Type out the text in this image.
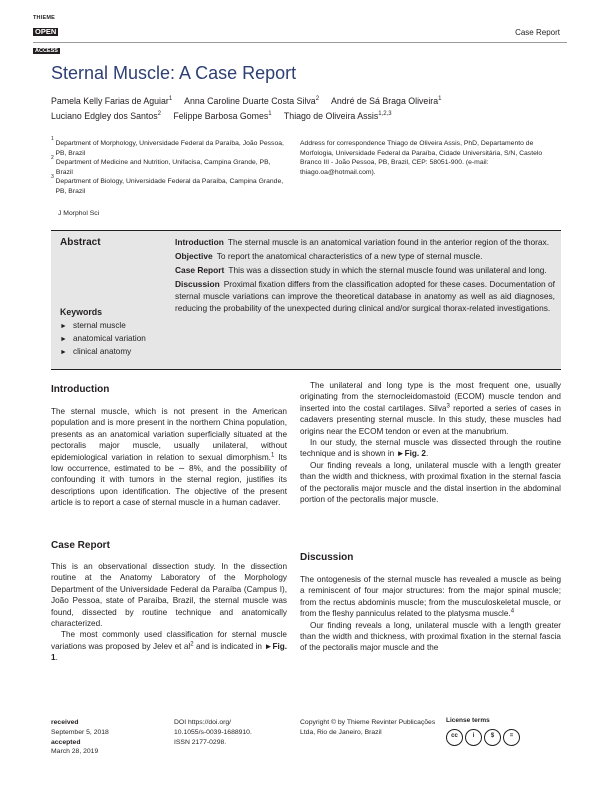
THIEME
OPEN
ACCESS
Case Report
Sternal Muscle: A Case Report
Pamela Kelly Farias de Aguiar$^1$ Anna Caroline Duarte Costa Silva$^2$ André de Sá Braga Oliveira$^1$
Luciano Edgley dos Santos$^2$ Felippe Barbosa Gomes$^1$ Thiago de Oliveira Assis$^{1,2,3}$
1
Department of Morphology, Universidade Federal da Paraíba, João Pessoa, PB, Brazil
2
Department of Medicine and Nutrition, Unifacisa, Campina Grande, PB, Brazil
3
Department of Biology, Universidade Federal da Paraíba, Campina Grande, PB, Brazil
Address for correspondence Thiago de Oliveira Assis, PhD, Departamento de Morfologia, Universidade Federal da Paraíba, Cidade Universitária, S/N, Castelo Branco III - João Pessoa, PB, Brazil, CEP: 58051-900. (e-mail: thiago.oa@hotmail.com).
J Morphol Sci
Abstract
Keywords
► sternal muscle
► anatomical variation
► clinical anatomy

Introduction The sternal muscle is an anatomical variation found in the anterior region of the thorax.

Objective To report the anatomical characteristics of a new type of sternal muscle.

Case Report This was a dissection study in which the sternal muscle found was unilateral and long.

Discussion Proximal fixation differs from the classification adopted for these cases. Documentation of sternal muscle variations can improve the theoretical database in anatomy as well as aid diagnoses, reducing the probability of the unexpected during clinical and/or surgical thorax-related investigations.

Introduction

The sternal muscle, which is not present in the American population and is more present in the northern China population, presents as an anatomical variation superficially situated at the pectoralis major muscle, usually unilateral, without epidemiological variation in relation to sexual dimorphism.$^1$ Its low occurrence, estimated to be ∼ 8%, and the possibility of confounding it with tumors in the sternal region, justifies its descriptions upon identification. The objective of the present article is to report a case of sternal muscle in a human cadaver.

Case Report

This is an observational dissection study. In the dissection routine at the Anatomy Laboratory of the Morphology Department of the Universidade Federal da Paraíba (Campus I), João Pessoa, state of Paraíba, Brazil, the sternal muscle was found, dissected by routine technique and anatomically characterized.

The most commonly used classification for sternal muscle variations was proposed by Jelev et $al^2$ and is indicated in ►Fig. 1.

The unilateral and long type is the most frequent one, usually originating from the sternocleidomastoid (ECOM) muscle tendon and inserted into the costal cartilages. Silva$^3$ reported a series of cases in cadavers presenting sternal muscle. In this study, these muscles had origins near the ECOM tendon or even at the manubrium.

In our study, the sternal muscle was dissected through the routine technique and is shown in ►Fig. 2.

Our finding reveals a long, unilateral muscle with a length greater than the width and thickness, with proximal fixation in the sternal fascia of the pectoralis major muscle and the distal insertion in the abdominal portion of the pectoralis major muscle.

Discussion

The ontogenesis of the sternal muscle has revealed a muscle as being a reminiscent of four major structures: from the major spinal muscle; from the rectus abdominis muscle; from the musculoskeletal muscle, or from the fleshy panniculus related to the platysma muscle.$^4$

Our finding reveals a long, unilateral muscle with a length greater than the width and thickness, with proximal fixation in the sternal fascia of the pectoralis major muscle and the

received
September 5, 2018
accepted
March 28, 2019
DOI https://doi.org/
10.1055/s-0039-1688910.
ISSN 2177-0298.
Copyright © by Thieme Revinter Publicações Ltda, Rio de Janeiro, Brazil
License terms
cc	i	$	=
